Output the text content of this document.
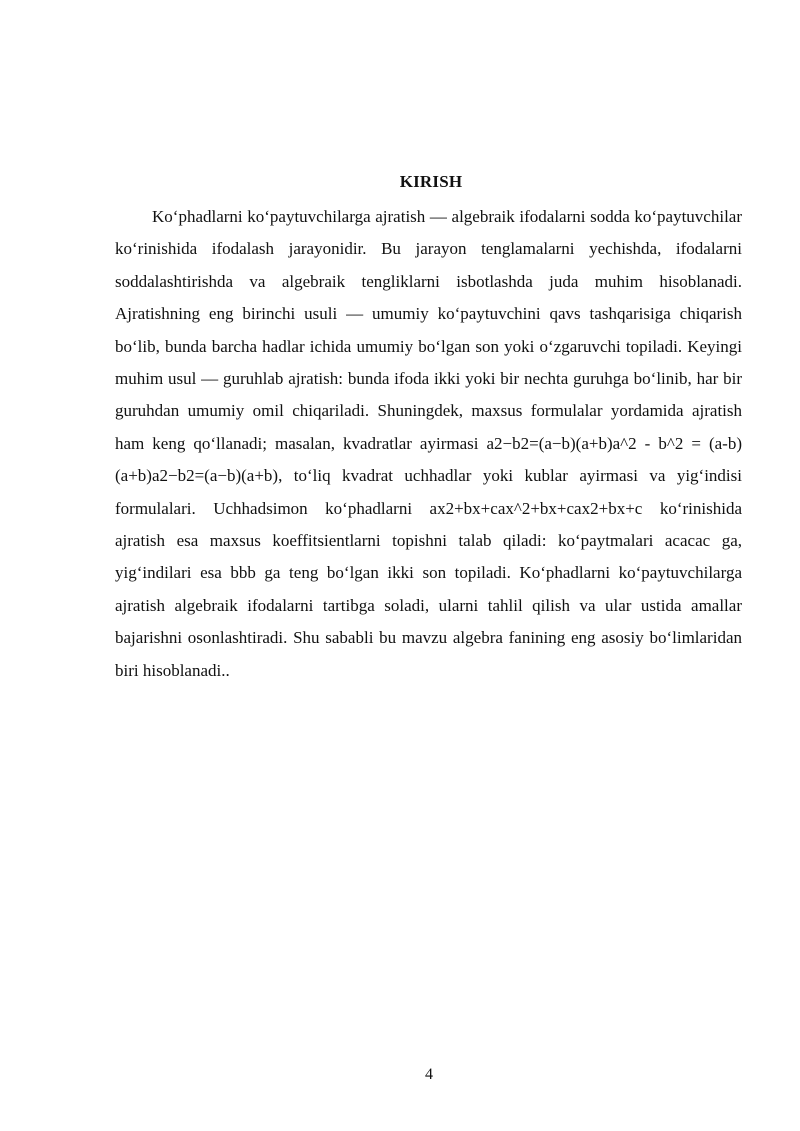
KIRISH

Ko‘phadlarni ko‘paytuvchilarga ajratish — algebraik ifodalarni sodda ko‘paytuvchilar ko‘rinishida ifodalash jarayonidir. Bu jarayon tenglamalarni yechishda, ifodalarni soddalashtirishda va algebraik tengliklarni isbotlashda juda muhim hisoblanadi. Ajratishning eng birinchi usuli — umumiy ko‘paytuvchini qavs tashqarisiga chiqarish bo‘lib, bunda barcha hadlar ichida umumiy bo‘lgan son yoki o‘zgaruvchi topiladi. Keyingi muhim usul — guruhlab ajratish: bunda ifoda ikki yoki bir nechta guruhga bo‘linib, har bir guruhdan umumiy omil chiqariladi. Shuningdek, maxsus formulalar yordamida ajratish ham keng qo‘llanadi; masalan, kvadratlar ayirmasi a2−b2=(a−b)(a+b)a^2 - b^2 = (a-b)(a+b)a2−b2=(a−b)(a+b), to‘liq kvadrat uchhadlar yoki kublar ayirmasi va yig‘indisi formulalari. Uchhadsimon ko‘phadlarni ax2+bx+cax^2+bx+cax2+bx+c ko‘rinishida ajratish esa maxsus koeffitsientlarni topishni talab qiladi: ko‘paytmalari acacac ga, yig‘indilari esa bbb ga teng bo‘lgan ikki son topiladi. Ko‘phadlarni ko‘paytuvchilarga ajratish algebraik ifodalarni tartibga soladi, ularni tahlil qilish va ular ustida amallar bajarishni osonlashtiradi. Shu sababli bu mavzu algebra fanining eng asosiy bo‘limlaridan biri hisoblanadi..

4
